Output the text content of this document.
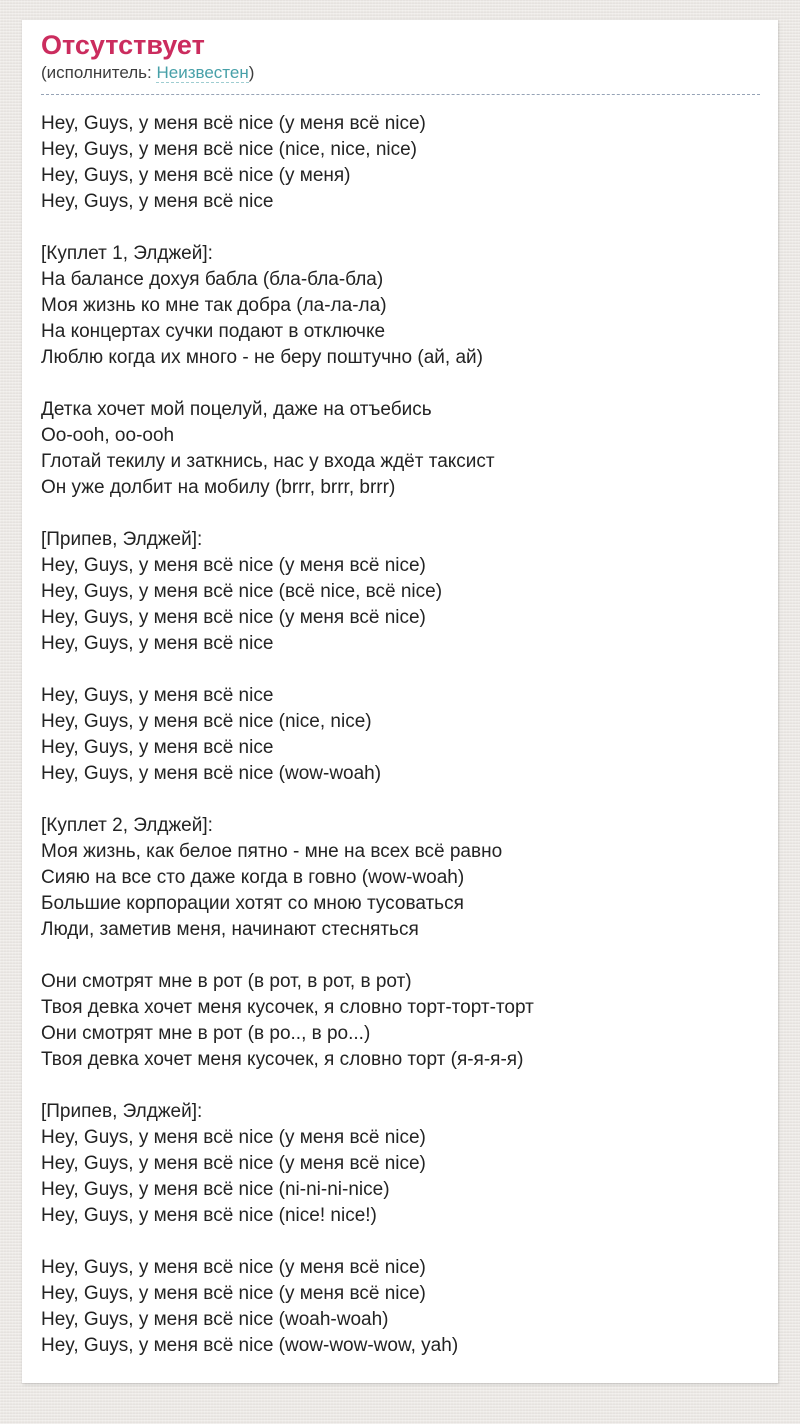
Отсутствует
(исполнитель: Неизвестен)

Hey, Guys, у меня всё nice (у меня всё nice)
Hey, Guys, у меня всё nice (nice, nice, nice)
Hey, Guys, у меня всё nice (у меня)
Hey, Guys, у меня всё nice

[Куплет 1, Элджей]:
На балансе дохуя бабла (бла-бла-бла)
Моя жизнь ко мне так добра (ла-ла-ла)
На концертах сучки подают в отключке
Люблю когда их много - не беру поштучно (ай, ай)

Детка хочет мой поцелуй, даже на отъебись
Oo-ooh, oo-ooh
Глотай текилу и заткнись, нас у входа ждёт таксист
Он уже долбит на мобилу (brrr, brrr, brrr)

[Припев, Элджей]:
Hey, Guys, у меня всё nice (у меня всё nice)
Hey, Guys, у меня всё nice (всё nice, всё nice)
Hey, Guys, у меня всё nice (у меня всё nice)
Hey, Guys, у меня всё nice

Hey, Guys, у меня всё nice
Hey, Guys, у меня всё nice (nice, nice)
Hey, Guys, у меня всё nice
Hey, Guys, у меня всё nice (wow-woah)

[Куплет 2, Элджей]:
Моя жизнь, как белое пятно - мне на всех всё равно
Сияю на все сто даже когда в говно (wow-woah)
Большие корпорации хотят со мною тусоваться
Люди, заметив меня, начинают стесняться

Они смотрят мне в рот (в рот, в рот, в рот)
Твоя девка хочет меня кусочек, я словно торт-торт-торт
Они смотрят мне в рот (в ро.., в ро...)
Твоя девка хочет меня кусочек, я словно торт (я-я-я-я)

[Припев, Элджей]:
Hey, Guys, у меня всё nice (у меня всё nice)
Hey, Guys, у меня всё nice (у меня всё nice)
Hey, Guys, у меня всё nice (ni-ni-ni-nice)
Hey, Guys, у меня всё nice (nice! nice!)

Hey, Guys, у меня всё nice (у меня всё nice)
Hey, Guys, у меня всё nice (у меня всё nice)
Hey, Guys, у меня всё nice (woah-woah)
Hey, Guys, у меня всё nice (wow-wow-wow, yah)
